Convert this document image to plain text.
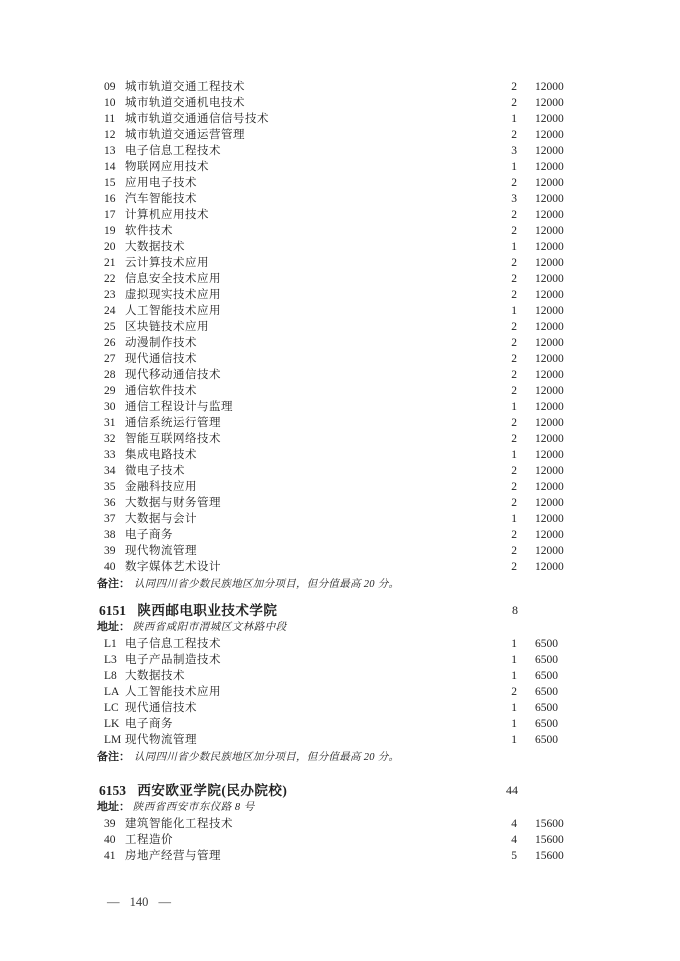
09 城市轨道交通工程技术	2 12000
10 城市轨道交通机电技术	2 12000
11 城市轨道交通通信信号技术	1 12000
12 城市轨道交通运营管理	2 12000
13 电子信息工程技术	3 12000
14 物联网应用技术	1 12000
15 应用电子技术	2 12000
16 汽车智能技术	3 12000
17 计算机应用技术	2 12000
19 软件技术	2 12000
20 大数据技术	1 12000
21 云计算技术应用	2 12000
22 信息安全技术应用	2 12000
23 虚拟现实技术应用	2 12000
24 人工智能技术应用	1 12000
25 区块链技术应用	2 12000
26 动漫制作技术	2 12000
27 现代通信技术	2 12000
28 现代移动通信技术	2 12000
29 通信软件技术	2 12000
30 通信工程设计与监理	1 12000
31 通信系统运行管理	2 12000
32 智能互联网络技术	2 12000
33 集成电路技术	1 12000
34 微电子技术	2 12000
35 金融科技应用	2 12000
36 大数据与财务管理	2 12000
37 大数据与会计	1 12000
38 电子商务	2 12000
39 现代物流管理	2 12000
40 数字媒体艺术设计	2 12000
备注： 认同四川省少数民族地区加分项目，但分值最高 20 分。
6151 陕西邮电职业技术学院	8
地址： 陕西省咸阳市渭城区文林路中段
L1 电子信息工程技术	1 6500
L3 电子产品制造技术	1 6500
L8 大数据技术	1 6500
LA 人工智能技术应用	2 6500
LC 现代通信技术	1 6500
LK 电子商务	1 6500
LM 现代物流管理	1 6500
备注： 认同四川省少数民族地区加分项目，但分值最高 20 分。
6153 西安欧亚学院(民办院校)	44
地址： 陕西省西安市东仪路 8 号
39 建筑智能化工程技术	4 15600
40 工程造价	4 15600
41 房地产经营与管理	5 15600
— 140 —
